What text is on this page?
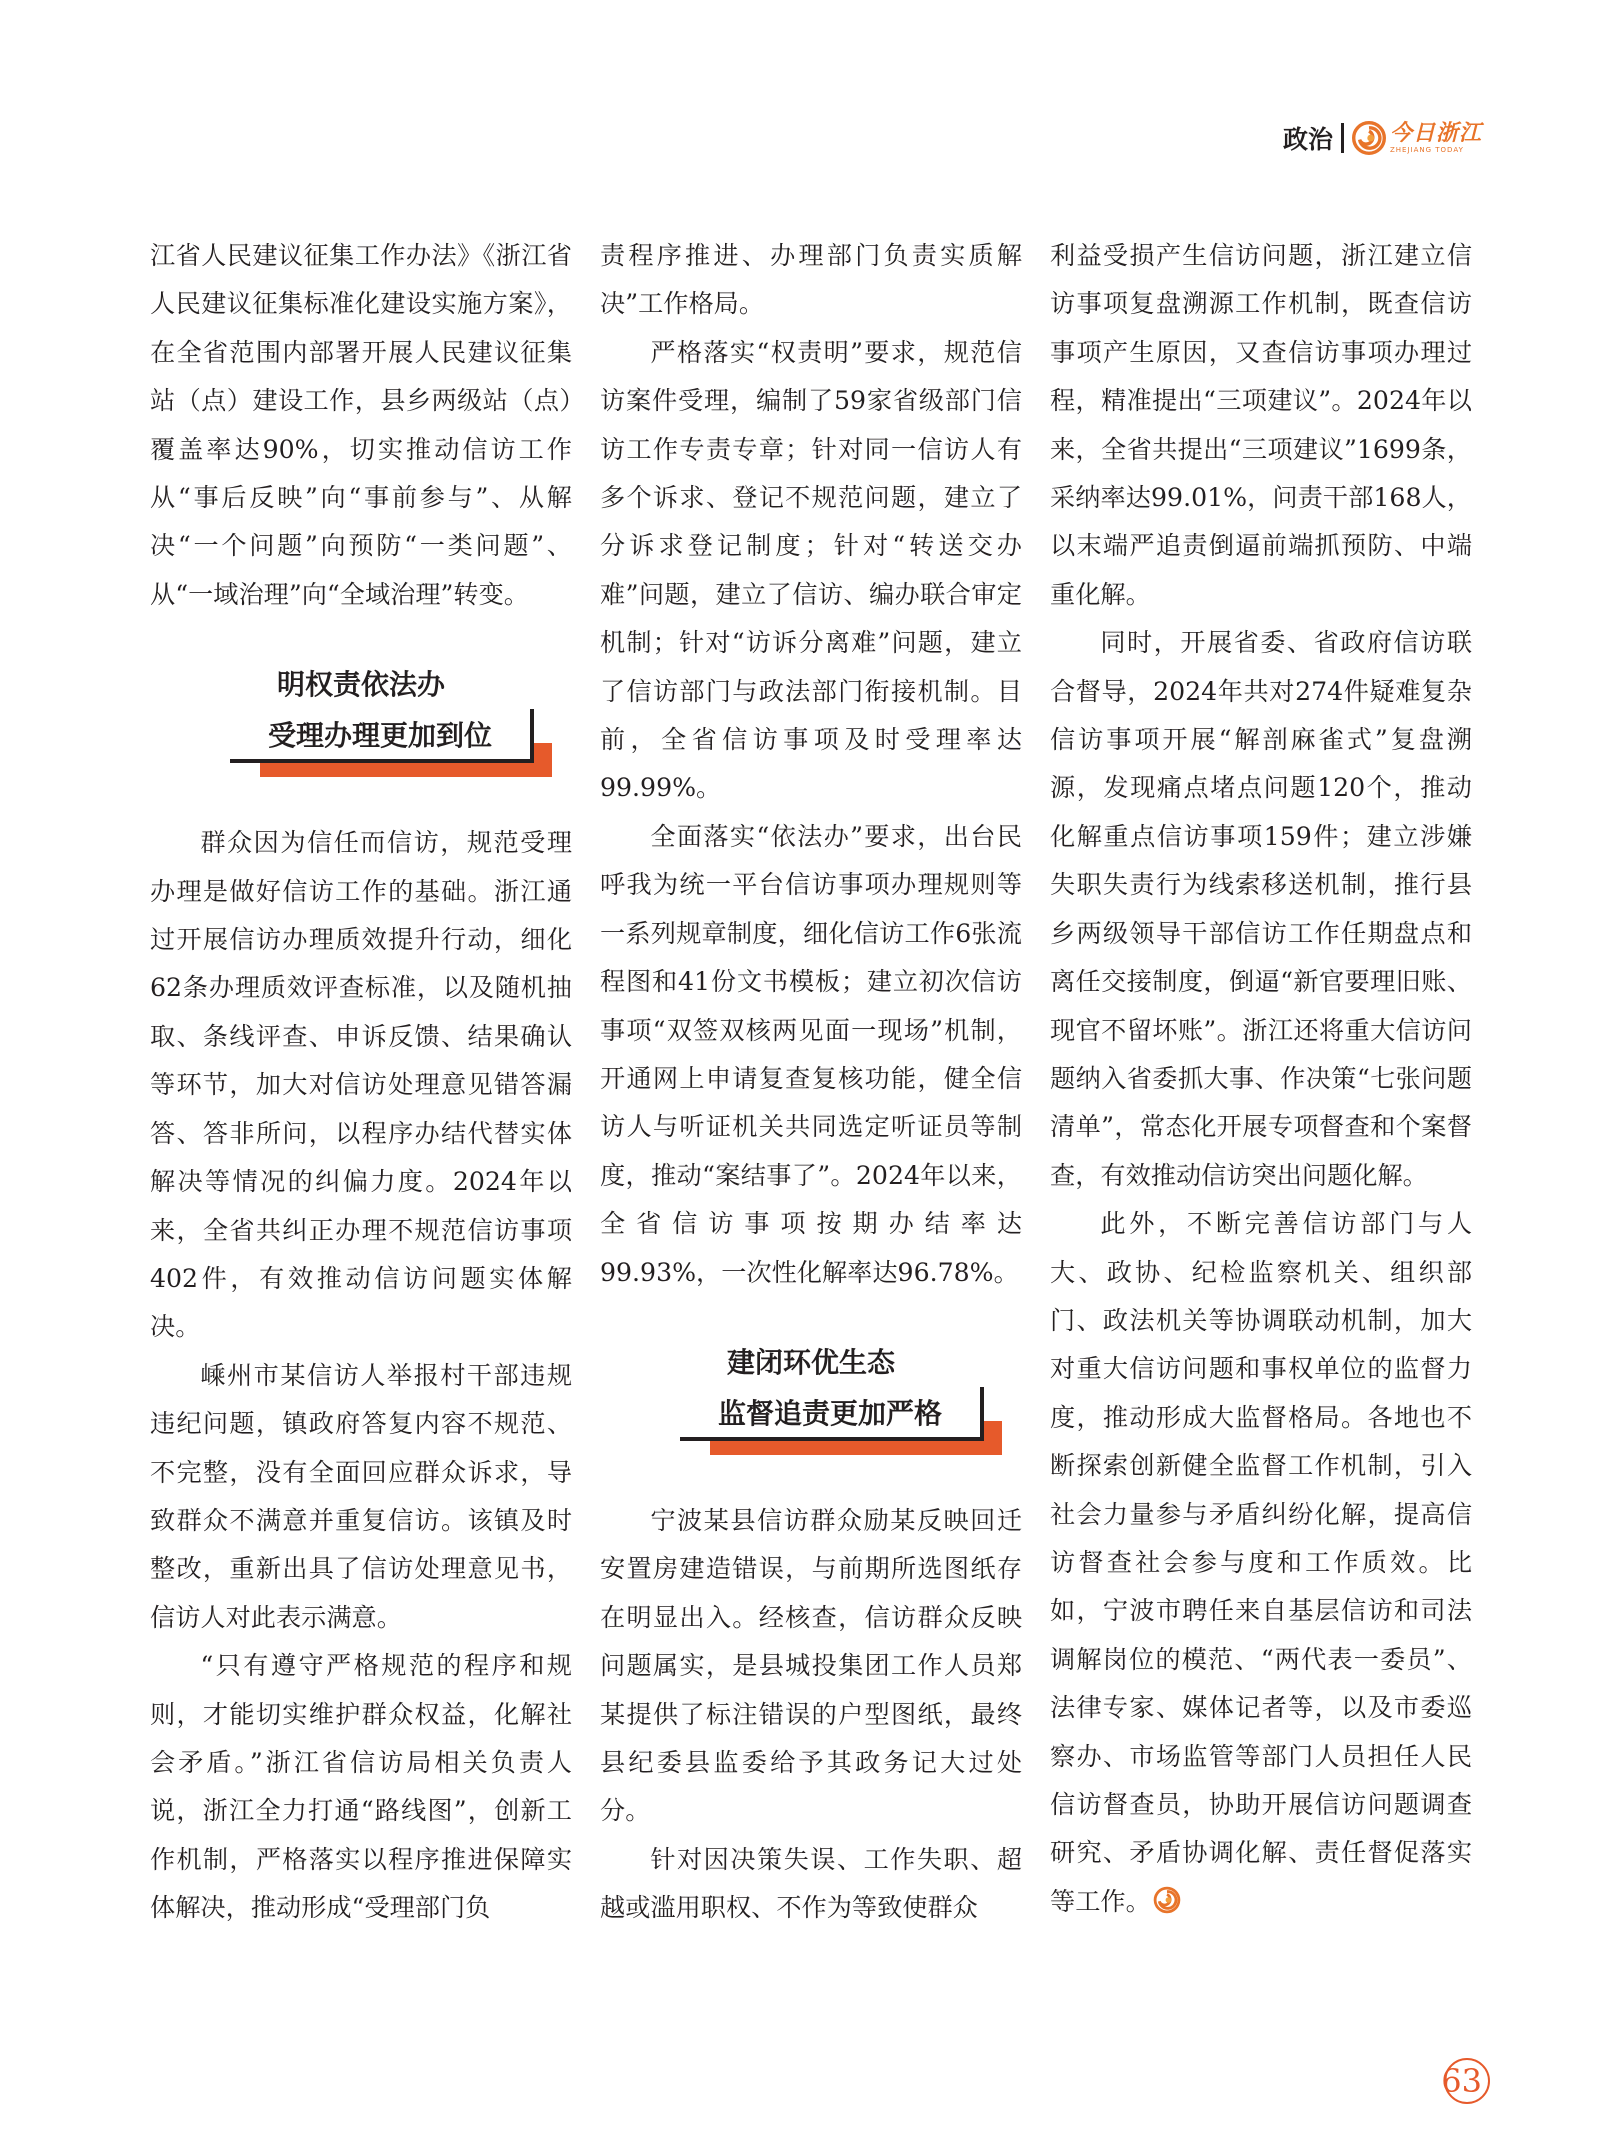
政治	今日浙江
ZHEJIANG TODAY

江省人民建议征集工作办法》《浙江省人民建议征集标准化建设实施方案》，在全省范围内部署开展人民建议征集站（点）建设工作，县乡两级站（点）覆盖率达90%，切实推动信访工作从“事后反映”向“事前参与”、从解决“一个问题”向预防“一类问题”、从“一域治理”向“全域治理”转变。

明权责依法办
受理办理更加到位

群众因为信任而信访，规范受理办理是做好信访工作的基础。浙江通过开展信访办理质效提升行动，细化62条办理质效评查标准，以及随机抽取、条线评查、申诉反馈、结果确认等环节，加大对信访处理意见错答漏答、答非所问，以程序办结代替实体解决等情况的纠偏力度。2024年以来，全省共纠正办理不规范信访事项402件，有效推动信访问题实体解决。

嵊州市某信访人举报村干部违规违纪问题，镇政府答复内容不规范、不完整，没有全面回应群众诉求，导致群众不满意并重复信访。该镇及时整改，重新出具了信访处理意见书，信访人对此表示满意。

“只有遵守严格规范的程序和规则，才能切实维护群众权益，化解社会矛盾。”浙江省信访局相关负责人说，浙江全力打通“路线图”，创新工作机制，严格落实以程序推进保障实体解决，推动形成“受理部门负

责程序推进、办理部门负责实质解决”工作格局。

严格落实“权责明”要求，规范信访案件受理，编制了59家省级部门信访工作专责专章；针对同一信访人有多个诉求、登记不规范问题，建立了分诉求登记制度；针对“转送交办难”问题，建立了信访、编办联合审定机制；针对“访诉分离难”问题，建立了信访部门与政法部门衔接机制。目前，全省信访事项及时受理率达99.99%。

全面落实“依法办”要求，出台民呼我为统一平台信访事项办理规则等一系列规章制度，细化信访工作6张流程图和41份文书模板；建立初次信访事项“双签双核两见面一现场”机制，开通网上申请复查复核功能，健全信访人与听证机关共同选定听证员等制度，推动“案结事了”。2024年以来，全省信访事项按期办结率达99.93%，一次性化解率达96.78%。

建闭环优生态
监督追责更加严格

宁波某县信访群众励某反映回迁安置房建造错误，与前期所选图纸存在明显出入。经核查，信访群众反映问题属实，是县城投集团工作人员郑某提供了标注错误的户型图纸，最终县纪委县监委给予其政务记大过处分。

针对因决策失误、工作失职、超越或滥用职权、不作为等致使群众

利益受损产生信访问题，浙江建立信访事项复盘溯源工作机制，既查信访事项产生原因，又查信访事项办理过程，精准提出“三项建议”。2024年以来，全省共提出“三项建议”1699条，采纳率达99.01%，问责干部168人，以末端严追责倒逼前端抓预防、中端重化解。

同时，开展省委、省政府信访联合督导，2024年共对274件疑难复杂信访事项开展“解剖麻雀式”复盘溯源，发现痛点堵点问题120个，推动化解重点信访事项159件；建立涉嫌失职失责行为线索移送机制，推行县乡两级领导干部信访工作任期盘点和离任交接制度，倒逼“新官要理旧账、现官不留坏账”。浙江还将重大信访问题纳入省委抓大事、作决策“七张问题清单”，常态化开展专项督查和个案督查，有效推动信访突出问题化解。

此外，不断完善信访部门与人大、政协、纪检监察机关、组织部门、政法机关等协调联动机制，加大对重大信访问题和事权单位的监督力度，推动形成大监督格局。各地也不断探索创新健全监督工作机制，引入社会力量参与矛盾纠纷化解，提高信访督查社会参与度和工作质效。比如，宁波市聘任来自基层信访和司法调解岗位的模范、“两代表一委员”、法律专家、媒体记者等，以及市委巡察办、市场监管等部门人员担任人民信访督查员，协助开展信访问题调查研究、矛盾协调化解、责任督促落实等工作。

63
